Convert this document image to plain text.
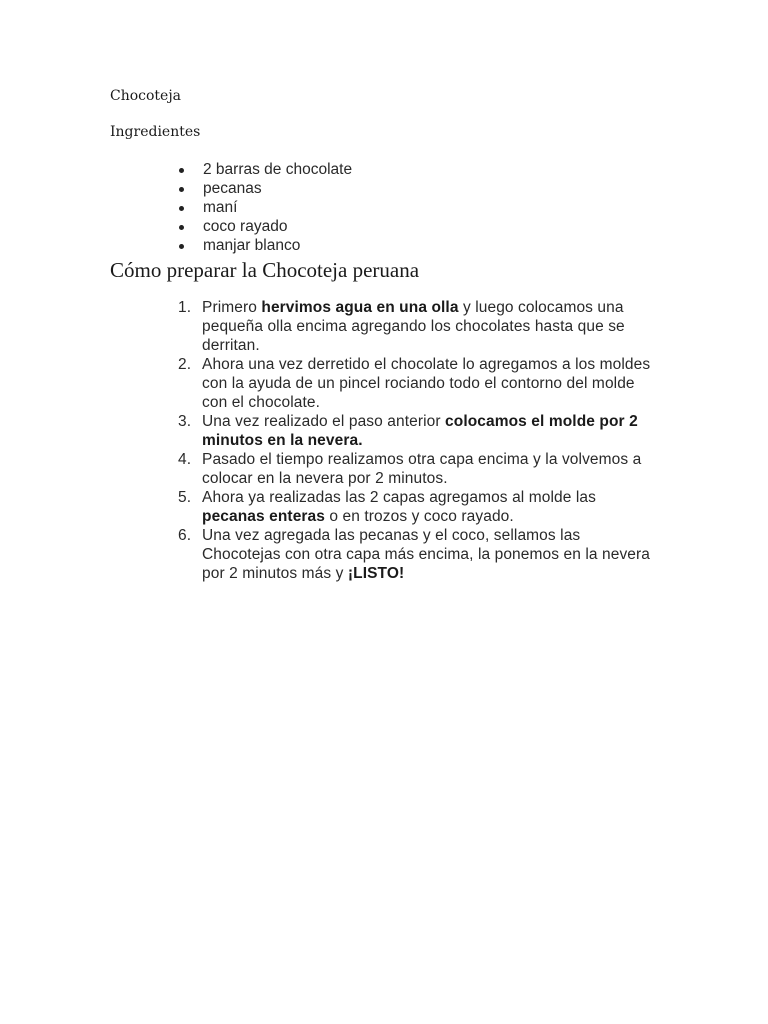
Chocoteja

Ingredientes

2 barras de chocolate
pecanas
maní
coco rayado
manjar blanco
Cómo preparar la Chocoteja peruana
1. Primero hervimos agua en una olla y luego colocamos una pequeña olla encima agregando los chocolates hasta que se derritan.
2. Ahora una vez derretido el chocolate lo agregamos a los moldes con la ayuda de un pincel rociando todo el contorno del molde con el chocolate.
3. Una vez realizado el paso anterior colocamos el molde por 2 minutos en la nevera.
4. Pasado el tiempo realizamos otra capa encima y la volvemos a colocar en la nevera por 2 minutos.
5. Ahora ya realizadas las 2 capas agregamos al molde las pecanas enteras o en trozos y coco rayado.
6. Una vez agregada las pecanas y el coco, sellamos las Chocotejas con otra capa más encima, la ponemos en la nevera por 2 minutos más y ¡LISTO!
